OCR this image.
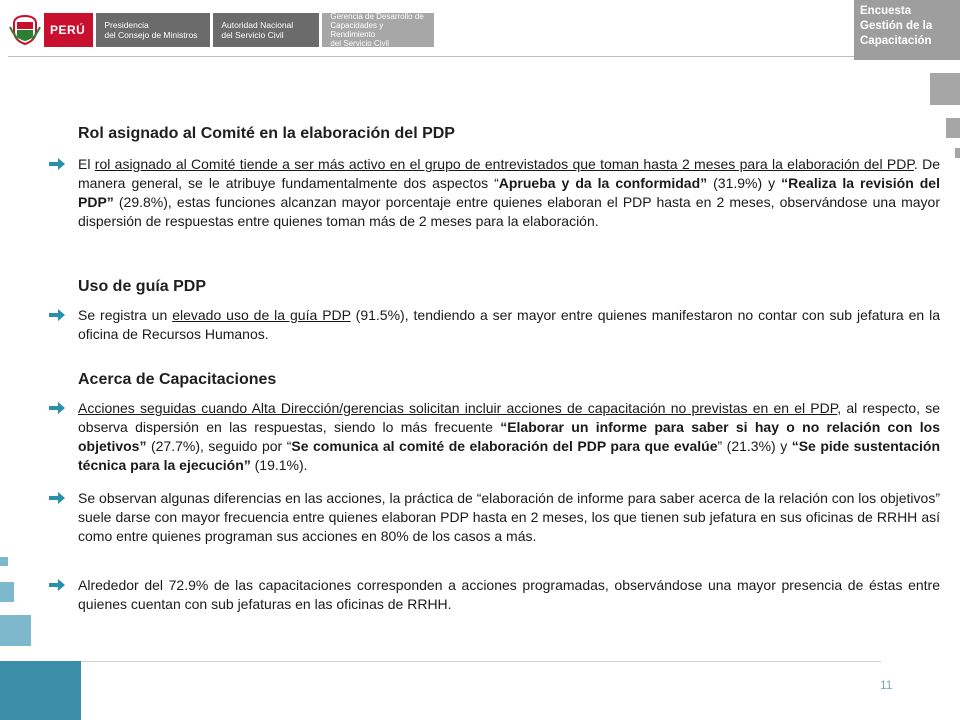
PERÚ	Presidencia
del Consejo de Ministros
Autoridad Nacional
del Servicio Civil
Gerencia de Desarrollo de
Capacidades y Rendimiento
del Servicio Civil
Encuesta
Gestión de la
Capacitación
11
Rol asignado al Comité en la elaboración del PDP
El rol asignado al Comité tiende a ser más activo en el grupo de entrevistados que toman hasta 2 meses para la elaboración del PDP. De manera general, se le atribuye fundamentalmente dos aspectos “Aprueba y da la conformidad” (31.9%) y “Realiza la revisión del PDP” (29.8%), estas funciones alcanzan mayor porcentaje entre quienes elaboran el PDP hasta en 2 meses, observándose una mayor dispersión de respuestas entre quienes toman más de 2 meses para la elaboración.
Uso de guía PDP
Se registra un elevado uso de la guía PDP (91.5%), tendiendo a ser mayor entre quienes manifestaron no contar con sub jefatura en la oficina de Recursos Humanos.
Acerca de Capacitaciones
Acciones seguidas cuando Alta Dirección/gerencias solicitan incluir acciones de capacitación no previstas en en el PDP, al respecto, se observa dispersión en las respuestas, siendo lo más frecuente “Elaborar un informe para saber si hay o no relación con los objetivos” (27.7%), seguido por “Se comunica al comité de elaboración del PDP para que evalúe” (21.3%) y “Se pide sustentación técnica para la ejecución” (19.1%).
Se observan algunas diferencias en las acciones, la práctica de “elaboración de informe para saber acerca de la relación con los objetivos” suele darse con mayor frecuencia entre quienes elaboran PDP hasta en 2 meses, los que tienen sub jefatura en sus oficinas de RRHH así como entre quienes programan sus acciones en 80% de los casos a más.
Alrededor del 72.9% de las capacitaciones corresponden a acciones programadas, observándose una mayor presencia de éstas entre quienes cuentan con sub jefaturas en las oficinas de RRHH.
